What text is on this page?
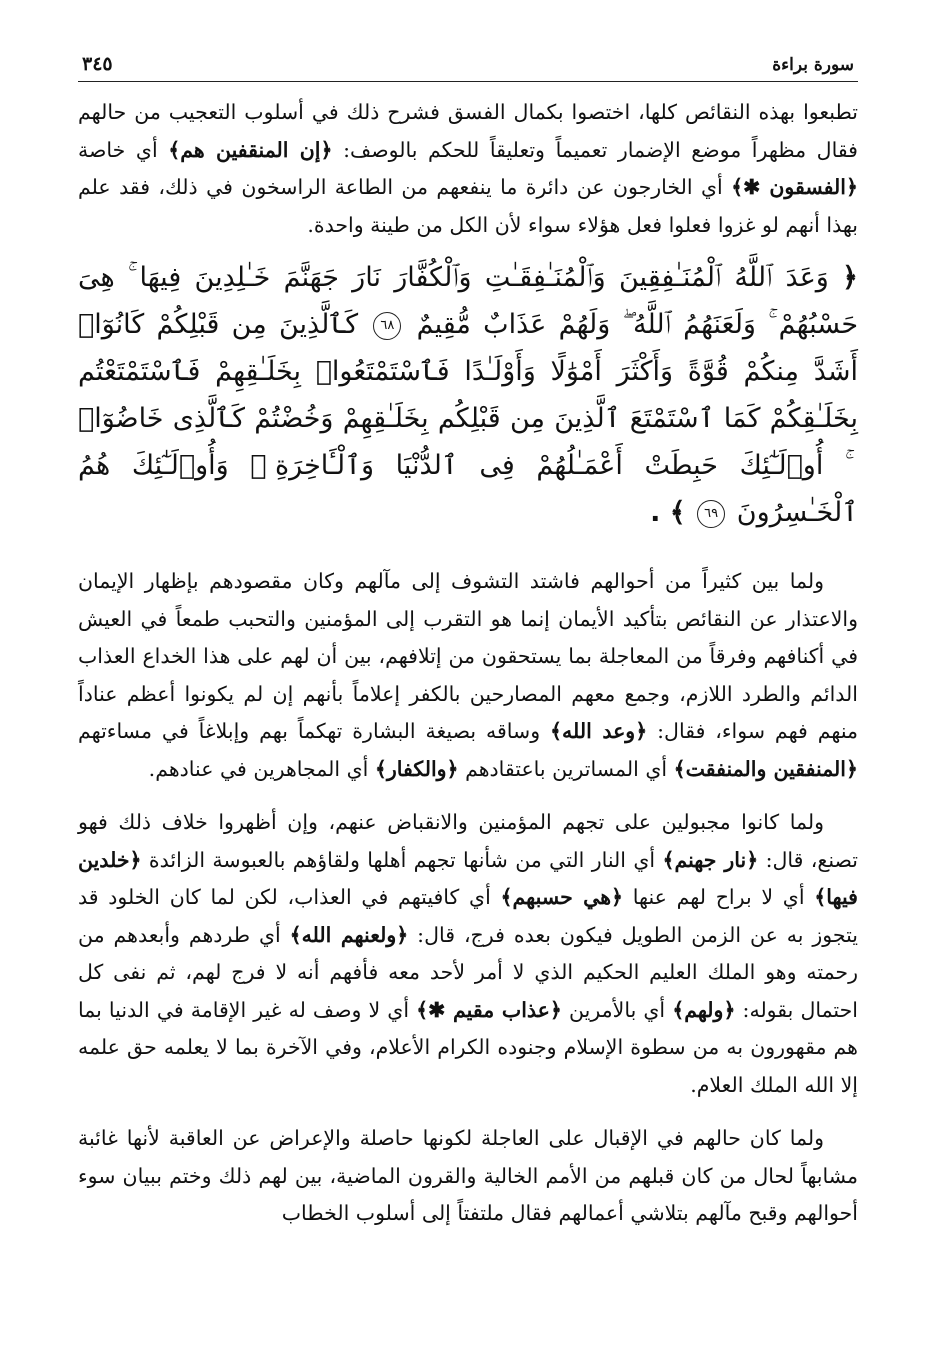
سورة براءة
٣٤٥

تطبعوا بهذه النقائص كلها، اختصوا بكمال الفسق فشرح ذلك في أسلوب التعجيب من حالهم فقال مظهراً موضع الإضمار تعميماً وتعليقاً للحكم بالوصف: ﴿إن المنقفين هم﴾ أي خاصة ﴿الفسقون ✱﴾ أي الخارجون عن دائرة ما ينفعهم من الطاعة الراسخون في ذلك، فقد علم بهذا أنهم لو غزوا فعلوا فعل هؤلاء سواء لأن الكل من طينة واحدة.

﴿ وَعَدَ ٱللَّهُ ٱلْمُنَـٰفِقِينَ وَٱلْمُنَـٰفِقَـٰتِ وَٱلْكُفَّارَ نَارَ جَهَنَّمَ خَـٰلِدِينَ فِيهَا ۚ هِىَ حَسْبُهُمْ ۚ وَلَعَنَهُمُ ٱللَّهُ ۖ وَلَهُمْ عَذَابٌ مُّقِيمٌ ٦٨ كَٱلَّذِينَ مِن قَبْلِكُمْ كَانُوٓا۟ أَشَدَّ مِنكُمْ قُوَّةً وَأَكْثَرَ أَمْوَٰلًا وَأَوْلَـٰدًا فَٱسْتَمْتَعُوا۟ بِخَلَـٰقِهِمْ فَٱسْتَمْتَعْتُم بِخَلَـٰقِكُمْ كَمَا ٱسْتَمْتَعَ ٱلَّذِينَ مِن قَبْلِكُم بِخَلَـٰقِهِمْ وَخُضْتُمْ كَٱلَّذِى خَاضُوٓا۟ ۚ أُو۟لَـٰٓئِكَ حَبِطَتْ أَعْمَـٰلُهُمْ فِى ٱلدُّنْيَا وَٱلْـَٔاخِرَةِ ۖ وَأُو۟لَـٰٓئِكَ هُمُ ٱلْخَـٰسِرُونَ ٦٩ ﴾ .

ولما بين كثيراً من أحوالهم فاشتد التشوف إلى مآلهم وكان مقصودهم بإظهار الإيمان والاعتذار عن النقائص بتأكيد الأيمان إنما هو التقرب إلى المؤمنين والتحبب طمعاً في العيش في أكنافهم وفرقاً من المعاجلة بما يستحقون من إتلافهم، بين أن لهم على هذا الخداع العذاب الدائم والطرد اللازم، وجمع معهم المصارحين بالكفر إعلاماً بأنهم إن لم يكونوا أعظم عناداً منهم فهم سواء، فقال: ﴿وعد الله﴾ وساقه بصيغة البشارة تهكماً بهم وإبلاغاً في مساءتهم ﴿المنفقين والمنفقت﴾ أي المساترين باعتقادهم ﴿والكفار﴾ أي المجاهرين في عنادهم.

ولما كانوا مجبولين على تجهم المؤمنين والانقباض عنهم، وإن أظهروا خلاف ذلك فهو تصنع، قال: ﴿نار جهنم﴾ أي النار التي من شأنها تجهم أهلها ولقاؤهم بالعبوسة الزائدة ﴿خلدين فيها﴾ أي لا براح لهم عنها ﴿هي حسبهم﴾ أي كافيتهم في العذاب، لكن لما كان الخلود قد يتجوز به عن الزمن الطويل فيكون بعده فرج، قال: ﴿ولعنهم الله﴾ أي طردهم وأبعدهم من رحمته وهو الملك العليم الحكيم الذي لا أمر لأحد معه فأفهم أنه لا فرج لهم، ثم نفى كل احتمال بقوله: ﴿ولهم﴾ أي بالأمرين ﴿عذاب مقيم ✱﴾ أي لا وصف له غير الإقامة في الدنيا بما هم مقهورون به من سطوة الإسلام وجنوده الكرام الأعلام، وفي الآخرة بما لا يعلمه حق علمه إلا الله الملك العلام.

ولما كان حالهم في الإقبال على العاجلة لكونها حاصلة والإعراض عن العاقبة لأنها غائبة مشابهاً لحال من كان قبلهم من الأمم الخالية والقرون الماضية، بين لهم ذلك وختم ببيان سوء أحوالهم وقبح مآلهم بتلاشي أعمالهم فقال ملتفتاً إلى أسلوب الخطاب
